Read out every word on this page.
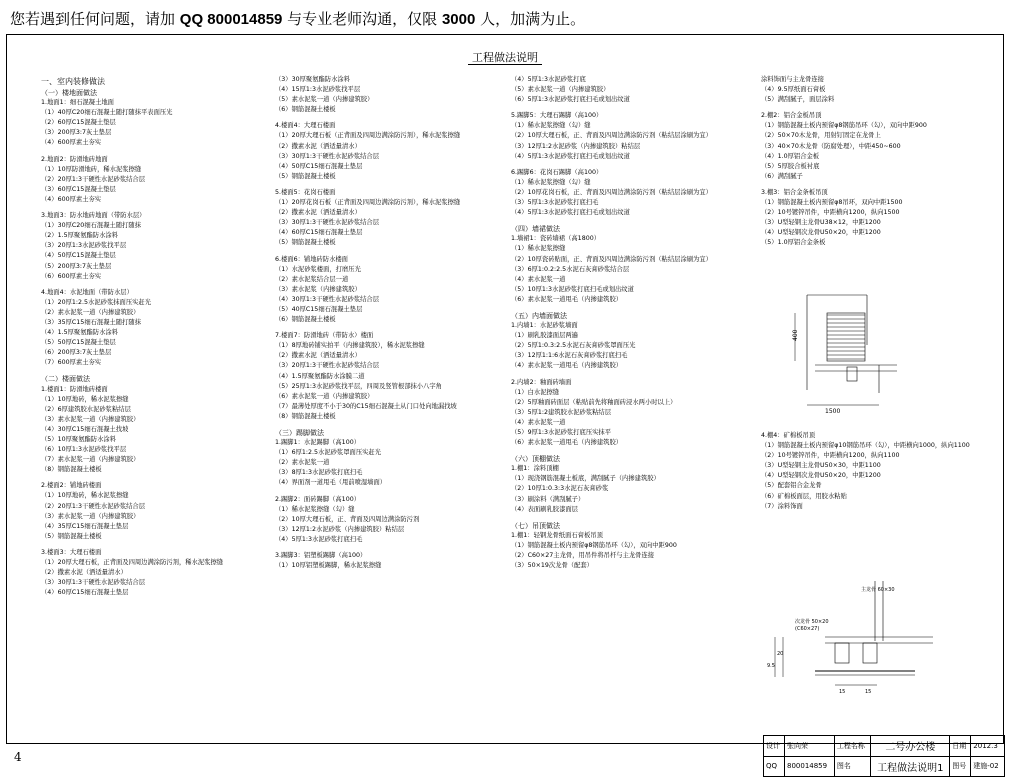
您若遇到任何问题，请加 QQ 800014859 与专业老师沟通，仅限 3000 人，加满为止。
工程做法说明
一、室内装修做法
（一）楼地面做法
1.地面1：细石混凝土地面
（1）40厚C20细石混凝土随打随抹平表面压光
（2）60厚C15混凝土垫层
（3）200厚3:7灰土垫层
（4）600厚素土夯实
2.地面2：防滑地砖地面
（1）10厚防滑地砖，稀水泥浆擦缝
（2）20厚1:3干硬性水泥砂浆结合层
（3）60厚C15混凝土垫层
（4）600厚素土夯实
3.地面3：防水地砖地面（带防水层）
（1）30厚C20细石混凝土随打随抹
（2）1.5厚聚氨酯防水涂料
（3）20厚1:3水泥砂浆找平层
（4）50厚C15混凝土垫层
（5）200厚3:7灰土垫层
（6）600厚素土夯实
4.地面4：水泥地面（带防水层）
（1）20厚1:2.5水泥砂浆抹面压实赶光
（2）素水泥浆一道（内掺建筑胶）
（3）35厚C15细石混凝土随打随抹
（4）1.5厚聚氨酯防水涂料
（5）50厚C15混凝土垫层
（6）200厚3:7灰土垫层
（7）600厚素土夯实
（二）楼面做法
1.楼面1：防滑地砖楼面
（1）10厚地砖，稀水泥浆擦缝
（2）6厚建筑胶水泥砂浆粘结层
（3）素水泥浆一道（内掺建筑胶）
（4）30厚C15细石混凝土找坡
（5）10厚聚氨酯防水涂料
（6）10厚1:3水泥砂浆找平层
（7）素水泥浆一道（内掺建筑胶）
（8）钢筋混凝土楼板
2.楼面2：铺地砖楼面
（1）10厚地砖，稀水泥浆擦缝
（2）20厚1:3干硬性水泥砂浆结合层
（3）素水泥浆一道（内掺建筑胶）
（4）35厚C15细石混凝土垫层
（5）钢筋混凝土楼板
3.楼面3：大理石楼面
（1）20厚大理石板，正背面及四周边满涂防污剂，稀水泥浆擦缝
（2）撒素水泥（洒适量清水）
（3）30厚1:3干硬性水泥砂浆结合层
（4）60厚C15细石混凝土垫层
（3）30厚聚氨酯防水涂料
（4）15厚1:3水泥砂浆找平层
（5）素水泥浆一道（内掺建筑胶）
（6）钢筋混凝土楼板
4.楼面4：大理石楼面
（1）20厚大理石板（正背面及四周边满涂防污剂），稀水泥浆擦缝
（2）撒素水泥（洒适量清水）
（3）30厚1:3干硬性水泥砂浆结合层
（4）50厚C15细石混凝土垫层
（5）钢筋混凝土楼板
5.楼面5：花岗石楼面
（1）20厚花岗石板（正背面及四周边满涂防污剂），稀水泥浆擦缝
（2）撒素水泥（洒适量清水）
（3）30厚1:3干硬性水泥砂浆结合层
（4）60厚C15细石混凝土垫层
（5）钢筋混凝土楼板
6.楼面6：铺地砖防水楼面
（1）水泥砂浆楼面，打磨压光
（2）素水泥浆结合层一道
（3）素水泥浆（内掺建筑胶）
（4）30厚1:3干硬性水泥砂浆结合层
（5）40厚C15细石混凝土垫层
（6）钢筋混凝土楼板
7.楼面7：防滑地砖（带防水）楼面
（1）8厚地砖铺实拍平（内掺建筑胶），稀水泥浆擦缝
（2）撒素水泥（洒适量清水）
（3）20厚1:3干硬性水泥砂浆结合层
（4）1.5厚聚氨酯防水涂膜二道
（5）25厚1:3水泥砂浆找平层，四周及竖管根部抹小八字角
（6）素水泥浆一道（内掺建筑胶）
（7）最薄处厚度不小于30的C15细石混凝土从门口处向地漏找坡
（8）钢筋混凝土楼板
（三）踢脚做法
1.踢脚1：水泥踢脚（高100）
（1）6厚1:2.5水泥砂浆罩面压实赶光
（2）素水泥浆一道
（3）8厚1:3水泥砂浆打底扫毛
（4）界面剂一道甩毛（甩前喷湿墙面）
2.踢脚2：面砖踢脚（高100）
（1）稀水泥浆擦缝（勾）缝
（2）10厚大理石板，正、背面及四周边满涂防污剂
（3）12厚1:2水泥砂浆（内掺建筑胶）粘结层
（4）5厚1:3水泥砂浆打底扫毛
3.踢脚3：铝塑板踢脚（高100）
（1）10厚铝塑板踢脚，稀水泥浆擦缝
（4）5厚1:3水泥砂浆打底
（5）素水泥浆一道（内掺建筑胶）
（6）5厚1:3水泥砂浆打底扫毛或划出纹道
5.踢脚5：大理石踢脚（高100）
（1）稀水泥浆擦缝（勾）缝
（2）10厚大理石板，正、背面及四周边满涂防污剂（粘结层涂刷为宜）
（3）12厚1:2水泥砂浆（内掺建筑胶）粘结层
（4）5厚1:3水泥砂浆打底扫毛或划出纹道
6.踢脚6：花岗石踢脚（高100）
（1）稀水泥浆擦缝（勾）缝
（2）10厚花岗石板，正、背面及四周边满涂防污剂（粘结层涂刷为宜）
（3）5厚1:3水泥砂浆打底扫毛
（4）5厚1:3水泥砂浆打底扫毛或划出纹道
（四）墙裙做法
1.墙裙1：瓷砖墙裙（高1800）
（1）稀水泥浆擦缝
（2）10厚瓷砖贴面，正、背面及四周边满涂防污剂（粘结层涂刷为宜）
（3）6厚1:0.2:2.5水泥石灰膏砂浆结合层
（4）素水泥浆一道
（5）10厚1:3水泥砂浆打底扫毛或划出纹道
（6）素水泥浆一道甩毛（内掺建筑胶）
（五）内墙面做法
1.内墙1：水泥砂浆墙面
（1）刷乳胶漆面层两遍
（2）5厚1:0.3:2.5水泥石灰膏砂浆罩面压光
（3）12厚1:1:6水泥石灰膏砂浆打底扫毛
（4）素水泥浆一道甩毛（内掺建筑胶）
2.内墙2：釉面砖墙面
（1）白水泥擦缝
（2）5厚釉面砖面层（粘贴前先将釉面砖浸水两小时以上）
（3）5厚1:2建筑胶水泥砂浆粘结层
（4）素水泥浆一道
（5）9厚1:3水泥砂浆打底压实抹平
（6）素水泥浆一道甩毛（内掺建筑胶）
（六）顶棚做法
1.棚1：涂料顶棚
（1）现浇钢筋混凝土板底，满刮腻子（内掺建筑胶）
（2）10厚1:0.3:3水泥石灰膏砂浆
（3）刷涂料（满刮腻子）
（4）表面刷乳胶漆面层
（七）吊顶做法
1.棚1：轻钢龙骨纸面石膏板吊顶
（1）钢筋混凝土板内预留φ8钢筋吊环（勾），双向中距900
（2）C60×27主龙骨，用吊件将吊杆与主龙骨连接
（3）50×19次龙骨（配套）
涂料饰面与主龙骨连接
（4）9.5厚纸面石膏板
（5）满刮腻子，面层涂料
2.棚2：铝合金板吊顶
（1）钢筋混凝土板内预留φ8钢筋吊环（勾），双向中距900
（2）50×70木龙骨，用射钉固定在龙骨上
（3）40×70木龙骨（防腐处理），中距450~600
（4）1.0厚铝合金板
（5）5厚胶合板衬底
（6）满刮腻子
3.棚3：铝合金条板吊顶
（1）钢筋混凝土板内预留φ8吊环，双向中距1500
（2）10号镀锌吊件，中距横向1200，纵向1500
（3）U型轻钢主龙骨U38×12，中距1200
（4）U型轻钢次龙骨U50×20，中距1200
（5）1.0厚铝合金条板
400
1500
4.棚4：矿棉板吊顶
（1）钢筋混凝土板内预留φ10钢筋吊环（勾），中距横向1000，纵向1100
（2）10号镀锌吊件，中距横向1200，纵向1100
（3）U型轻钢主龙骨U50×30，中距1100
（4）U型轻钢次龙骨U50×20，中距1200
（5）配套铝合金龙骨
（6）矿棉板面层，用胶水粘贴
（7）涂料饰面
主龙骨 60×30
次龙骨 50×20
(C60×27)
9.5
20
15	15
设计	张向荣	工程名称	二号办公楼	日期	2012.3
QQ	800014859	图名	工程做法说明1	图号	建施-02
4
